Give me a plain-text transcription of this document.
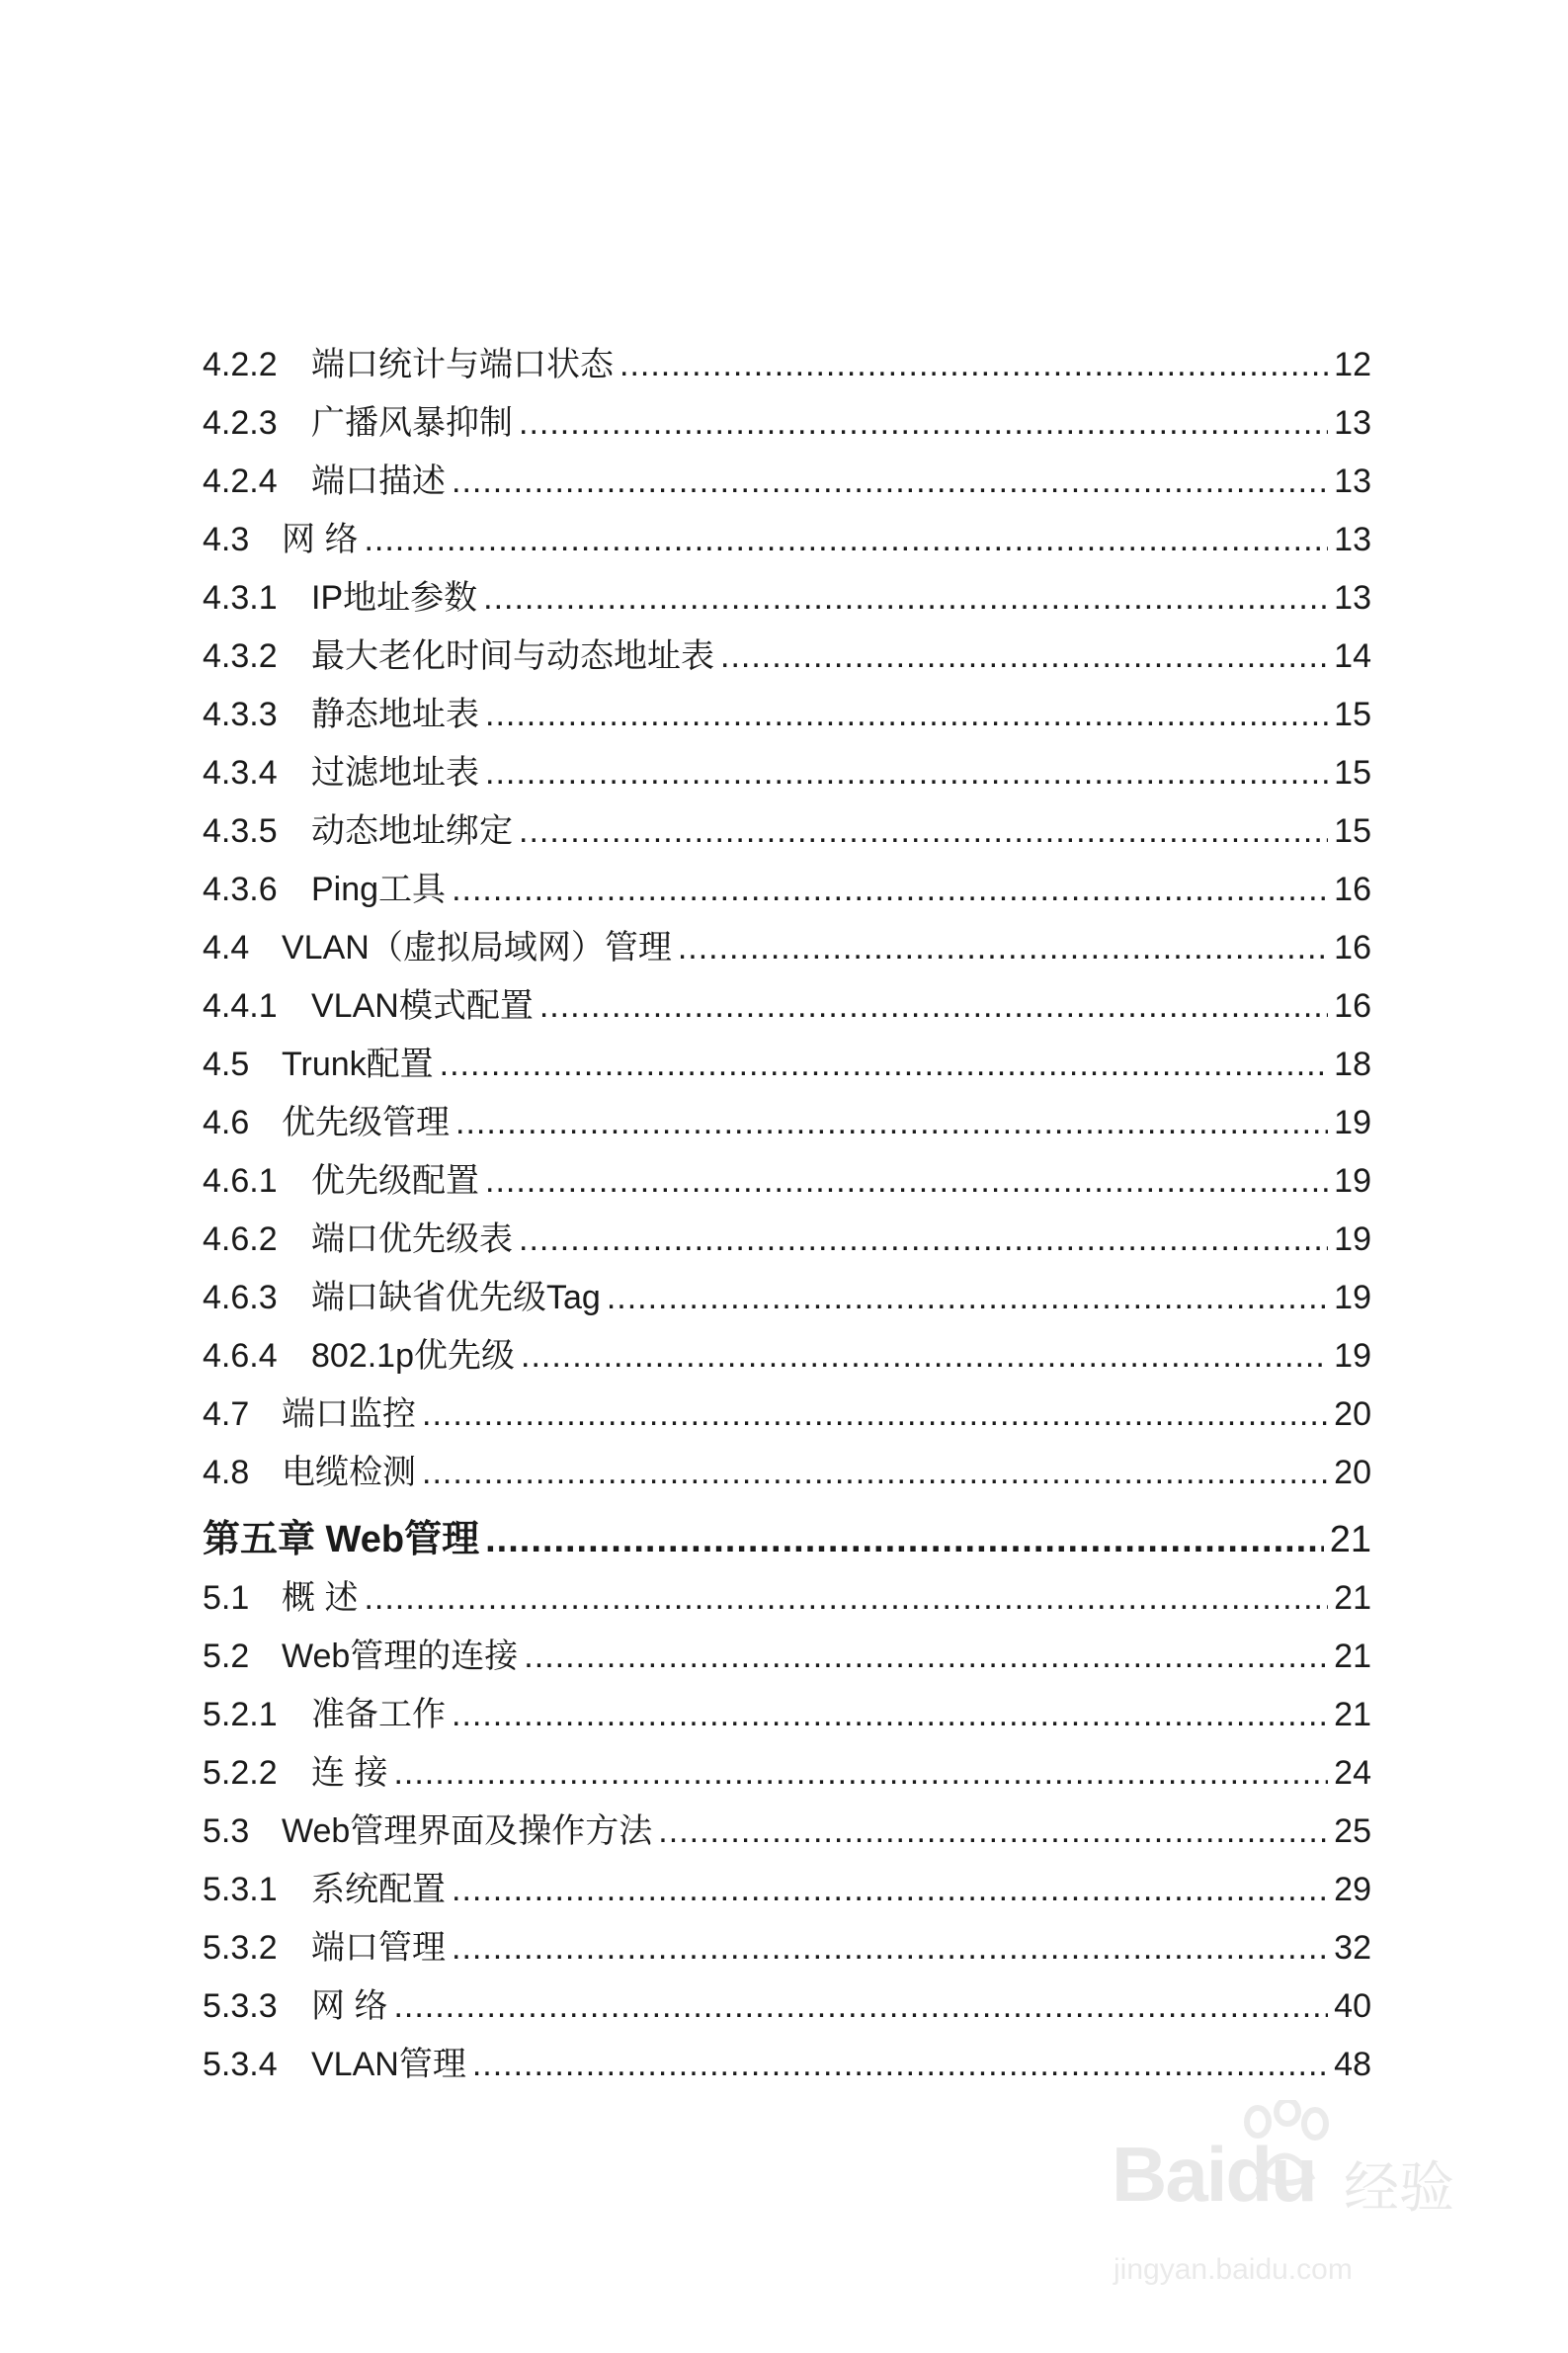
4.2.2	端口统计与端口状态 .....	12
4.2.3	广播风暴抑制 .....	13
4.2.4	端口描述 .....	13
4.3 网 络 .....	13
4.3.1	IP地址参数 .....	13
4.3.2	最大老化时间与动态地址表 .....	14
4.3.3	静态地址表 .....	15
4.3.4	过滤地址表 .....	15
4.3.5	动态地址绑定 .....	15
4.3.6	Ping工具 .....	16
4.4 VLAN（虚拟局域网）管理 .....	16
4.4.1	VLAN模式配置 .....	16
4.5 Trunk配置 .....	18
4.6 优先级管理 .....	19
4.6.1	优先级配置 .....	19
4.6.2	端口优先级表 .....	19
4.6.3	端口缺省优先级Tag .....	19
4.6.4	802.1p优先级 .....	19
4.7 端口监控 .....	20
4.8 电缆检测 .....	20
第五章 Web管理 .....	21
5.1 概 述 .....	21
5.2 Web管理的连接 .....	21
5.2.1	准备工作 .....	21
5.2.2	连 接 .....	24
5.3 Web管理界面及操作方法 .....	25
5.3.1	系统配置 .....	29
5.3.2	端口管理 .....	32
5.3.3	网 络 .....	40
5.3.4	VLAN管理 .....	48
Baidu 经验
jingyan.baidu.com
